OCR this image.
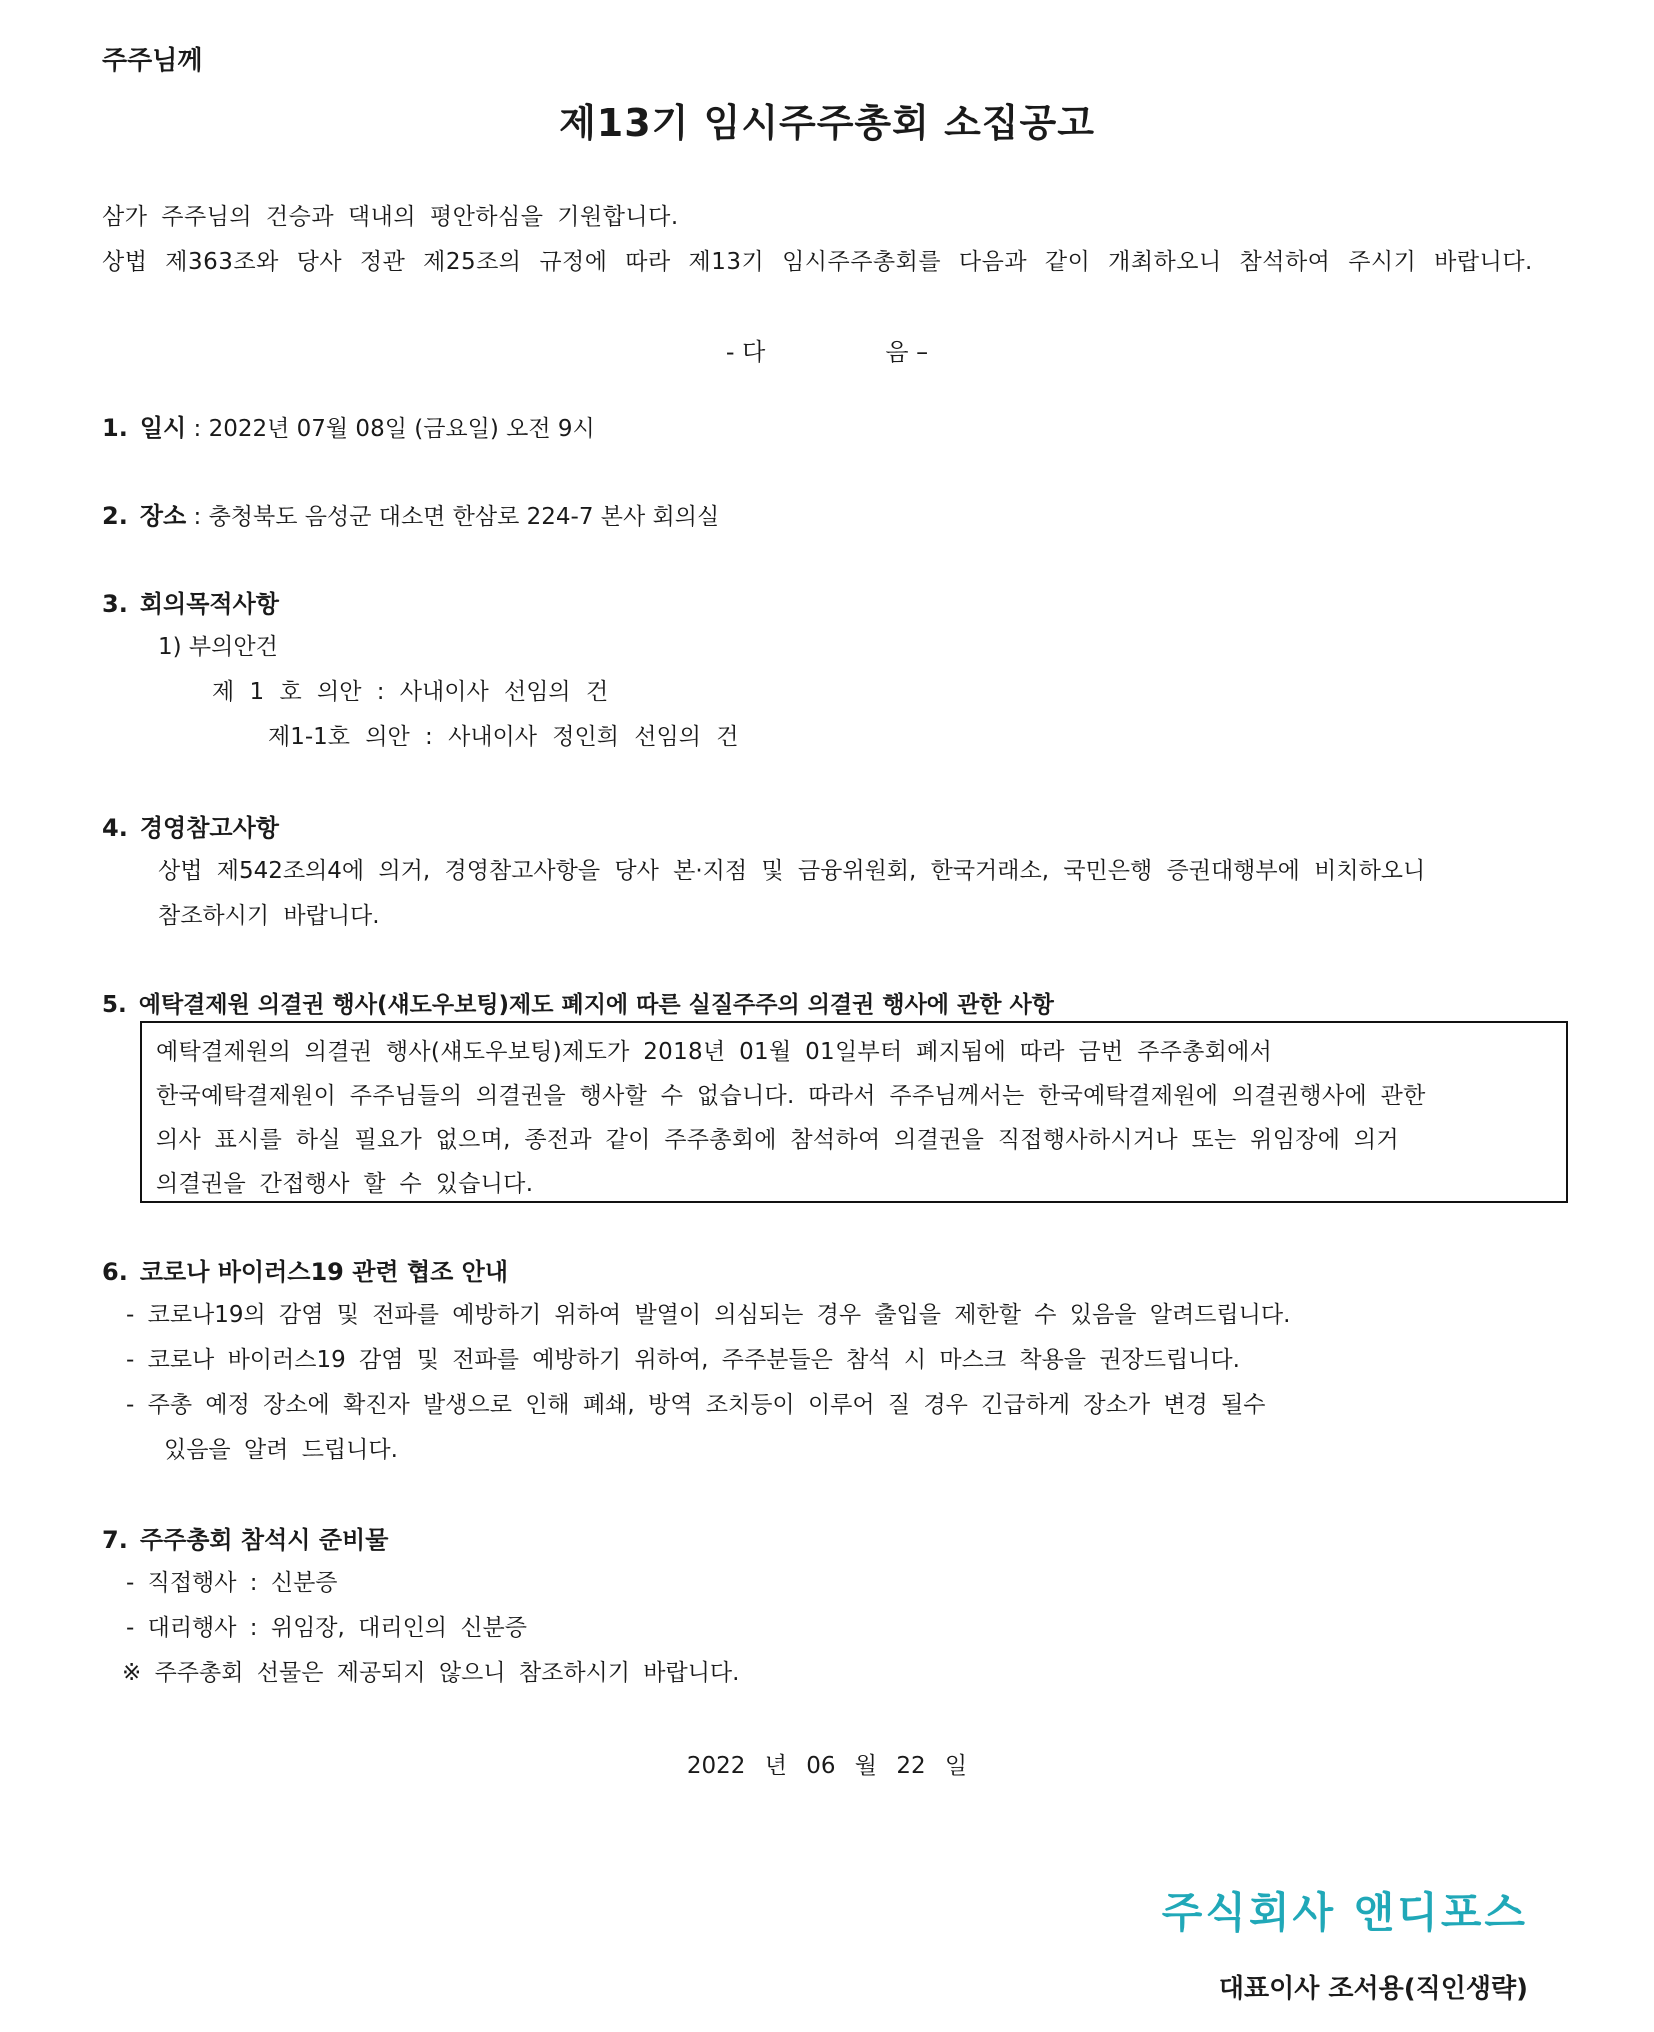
주주님께
제13기 임시주주총회 소집공고
삼가 주주님의 건승과 댁내의 평안하심을 기원합니다.
상법 제363조와 당사 정관 제25조의 규정에 따라 제13기 임시주주총회를 다음과 같이 개최하오니 참석하여 주시기 바랍니다.
- 다	음 –
1. 일시 : 2022년 07월 08일 (금요일) 오전 9시
2. 장소 : 충청북도 음성군 대소면 한삼로 224-7 본사 회의실
3. 회의목적사항
1) 부의안건
제 1 호 의안 : 사내이사 선임의 건
제1-1호 의안 : 사내이사 정인희 선임의 건
4. 경영참고사항
상법 제542조의4에 의거, 경영참고사항을 당사 본·지점 및 금융위원회, 한국거래소, 국민은행 증권대행부에 비치하오니
참조하시기 바랍니다.
5. 예탁결제원 의결권 행사(섀도우보팅)제도 폐지에 따른 실질주주의 의결권 행사에 관한 사항
예탁결제원의 의결권 행사(섀도우보팅)제도가 2018년 01월 01일부터 폐지됨에 따라 금번 주주총회에서
한국예탁결제원이 주주님들의 의결권을 행사할 수 없습니다. 따라서 주주님께서는 한국예탁결제원에 의결권행사에 관한
의사 표시를 하실 필요가 없으며, 종전과 같이 주주총회에 참석하여 의결권을 직접행사하시거나 또는 위임장에 의거
의결권을 간접행사 할 수 있습니다.
6. 코로나 바이러스19 관련 협조 안내
- 코로나19의 감염 및 전파를 예방하기 위하여 발열이 의심되는 경우 출입을 제한할 수 있음을 알려드립니다.
- 코로나 바이러스19 감염 및 전파를 예방하기 위하여, 주주분들은 참석 시 마스크 착용을 권장드립니다.
- 주총 예정 장소에 확진자 발생으로 인해 폐쇄, 방역 조치등이 이루어 질 경우 긴급하게 장소가 변경 될수
있음을 알려 드립니다.
7. 주주총회 참석시 준비물
- 직접행사 : 신분증
- 대리행사 : 위임장, 대리인의 신분증
※ 주주총회 선물은 제공되지 않으니 참조하시기 바랍니다.
2022 년 06 월 22 일
주식회사 앤디포스
대표이사 조서용(직인생략)
